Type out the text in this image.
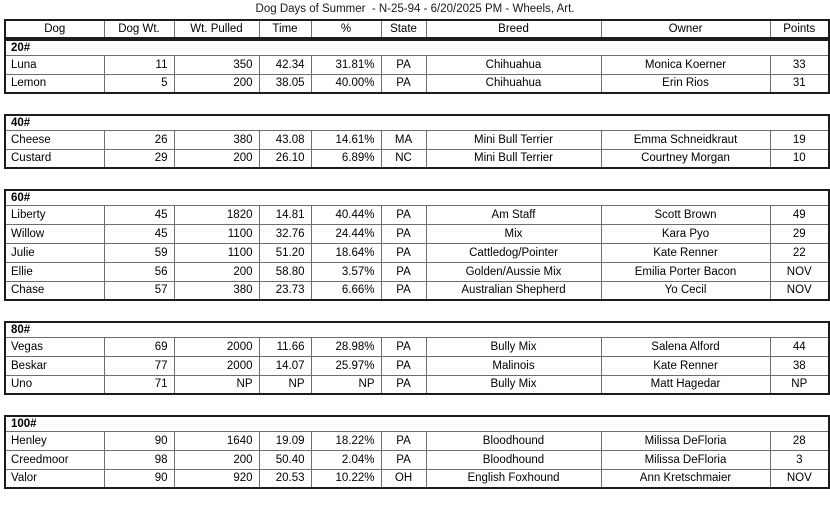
Dog Days of Summer  - N-25-94 - 6/20/2025 PM - Wheels, Art.
Dog	Dog Wt.	Wt. Pulled	Time	%	State	Breed	Owner	Points
20#								
Luna	11	350	42.34	31.81%	PA	Chihuahua	Monica Koerner	33
Lemon	5	200	38.05	40.00%	PA	Chihuahua	Erin Rios	31
40#								
Cheese	26	380	43.08	14.61%	MA	Mini Bull Terrier	Emma Schneidkraut	19
Custard	29	200	26.10	6.89%	NC	Mini Bull Terrier	Courtney Morgan	10
60#								
Liberty	45	1820	14.81	40.44%	PA	Am Staff	Scott Brown	49
Willow	45	1100	32.76	24.44%	PA	Mix	Kara Pyo	29
Julie	59	1100	51.20	18.64%	PA	Cattledog/Pointer	Kate Renner	22
Ellie	56	200	58.80	3.57%	PA	Golden/Aussie Mix	Emilia Porter Bacon	NOV
Chase	57	380	23.73	6.66%	PA	Australian Shepherd	Yo Cecil	NOV
80#								
Vegas	69	2000	11.66	28.98%	PA	Bully Mix	Salena Alford	44
Beskar	77	2000	14.07	25.97%	PA	Malinois	Kate Renner	38
Uno	71	NP	NP	NP	PA	Bully Mix	Matt Hagedar	NP
100#								
Henley	90	1640	19.09	18.22%	PA	Bloodhound	Milissa DeFloria	28
Creedmoor	98	200	50.40	2.04%	PA	Bloodhound	Milissa DeFloria	3
Valor	90	920	20.53	10.22%	OH	English Foxhound	Ann Kretschmaier	NOV
